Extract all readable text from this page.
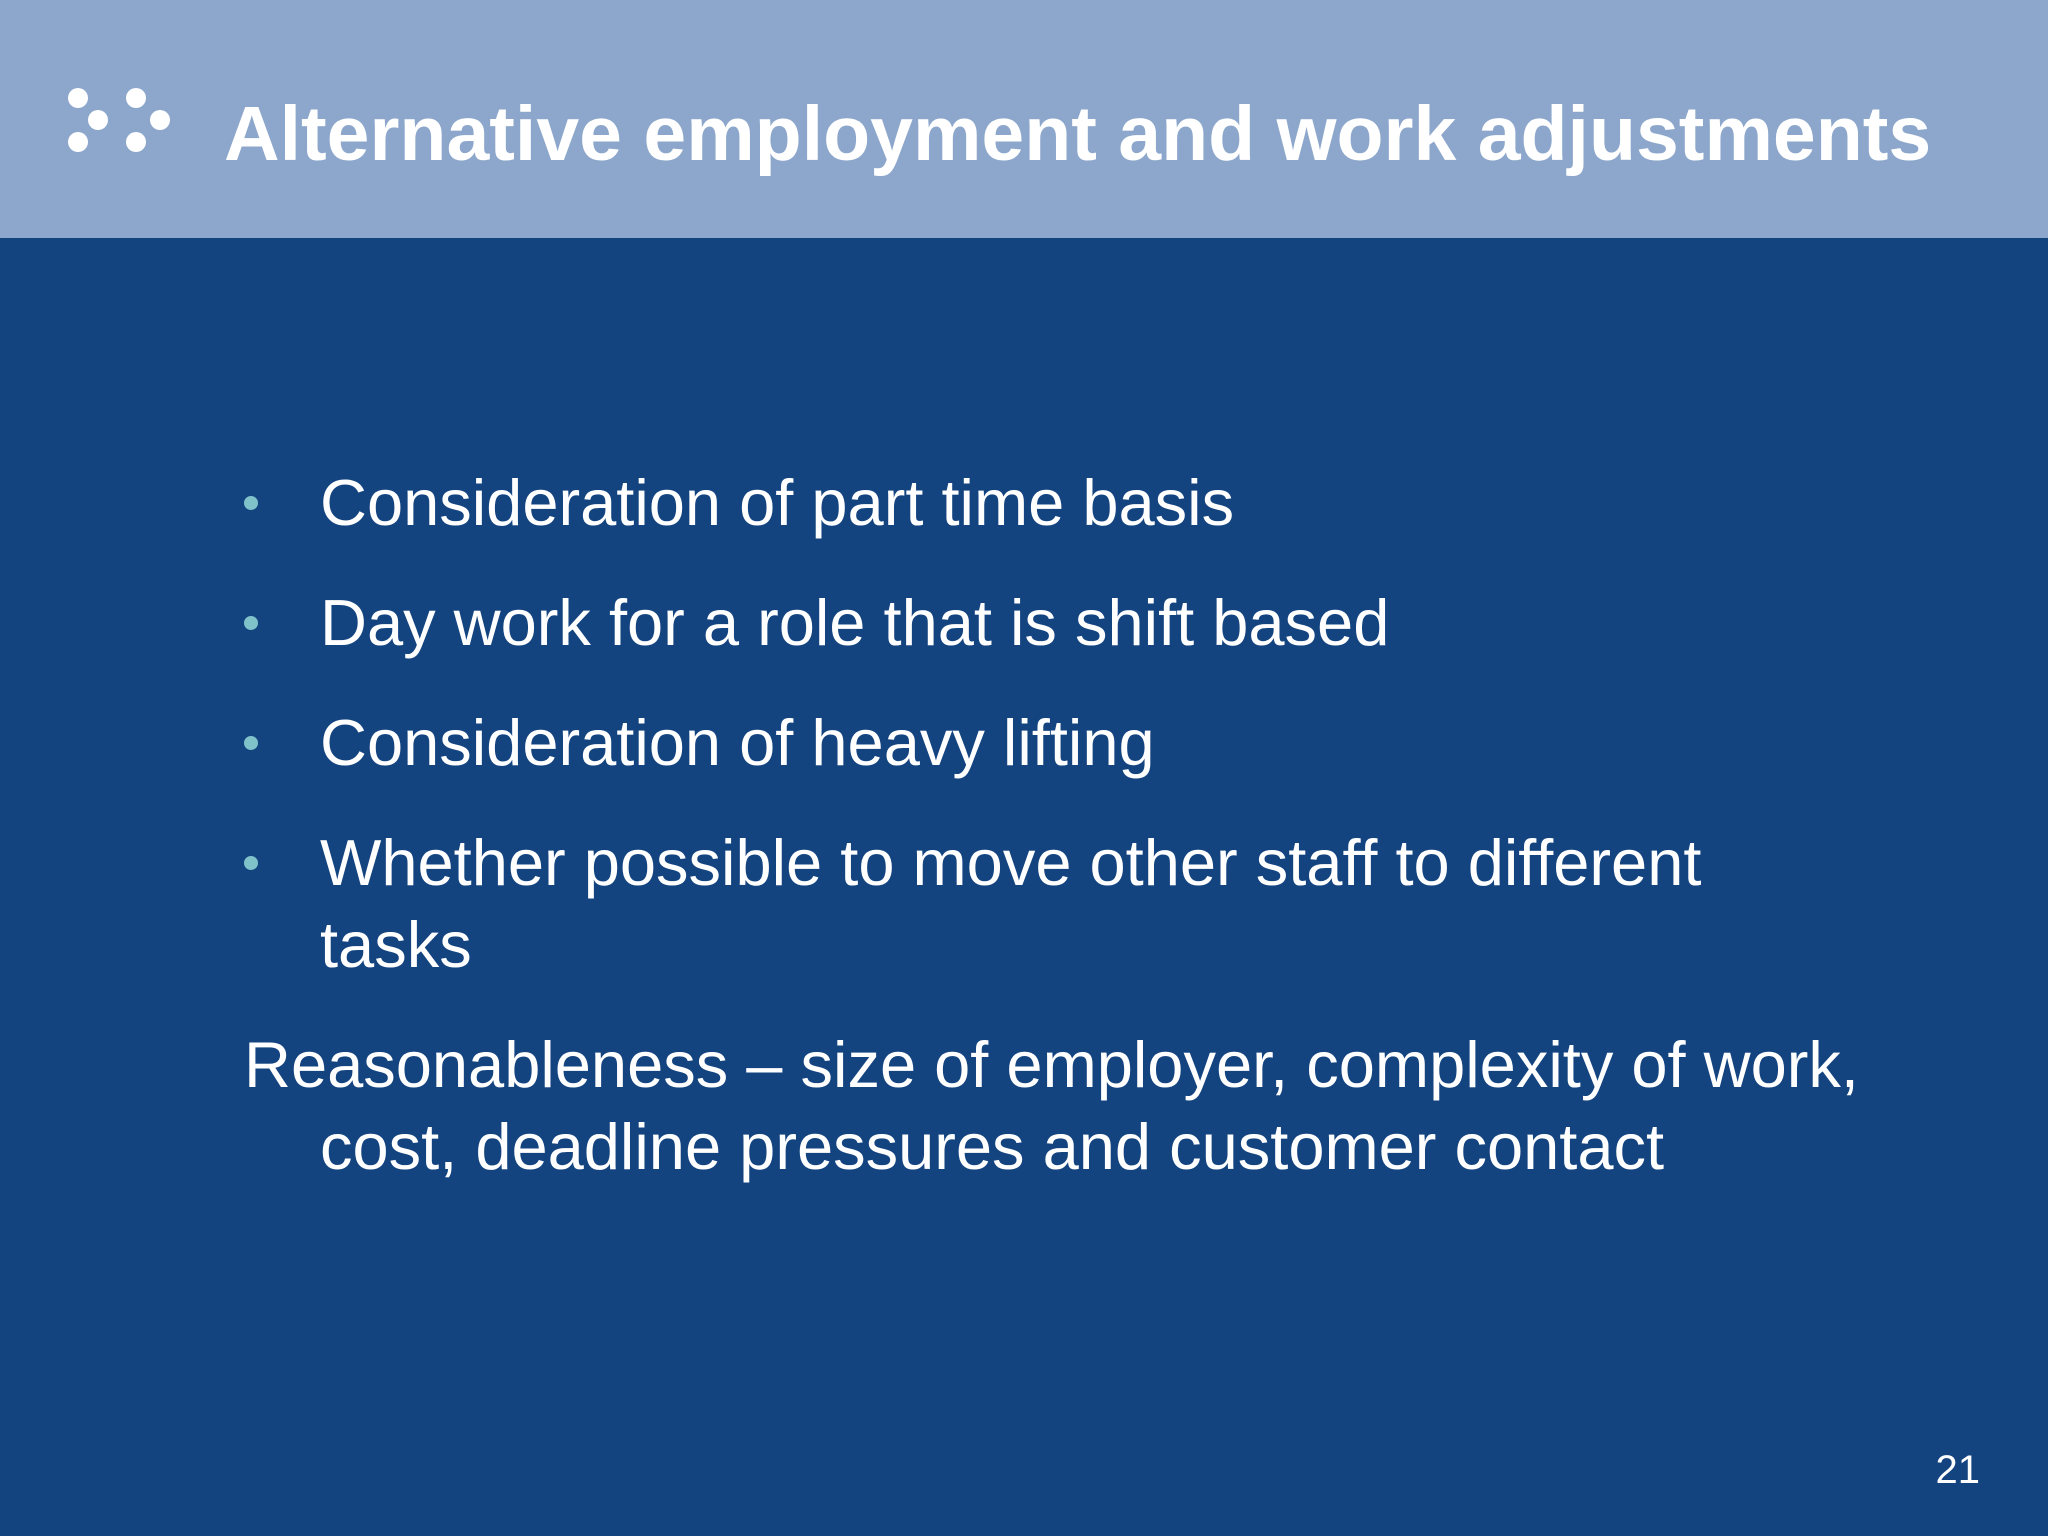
Alternative employment and work adjustments
Consideration of part time basis
Day work for a role that is shift based
Consideration of heavy lifting
Whether possible to move other staff to different tasks
Reasonableness – size of employer, complexity of work, cost, deadline pressures and customer contact
21
